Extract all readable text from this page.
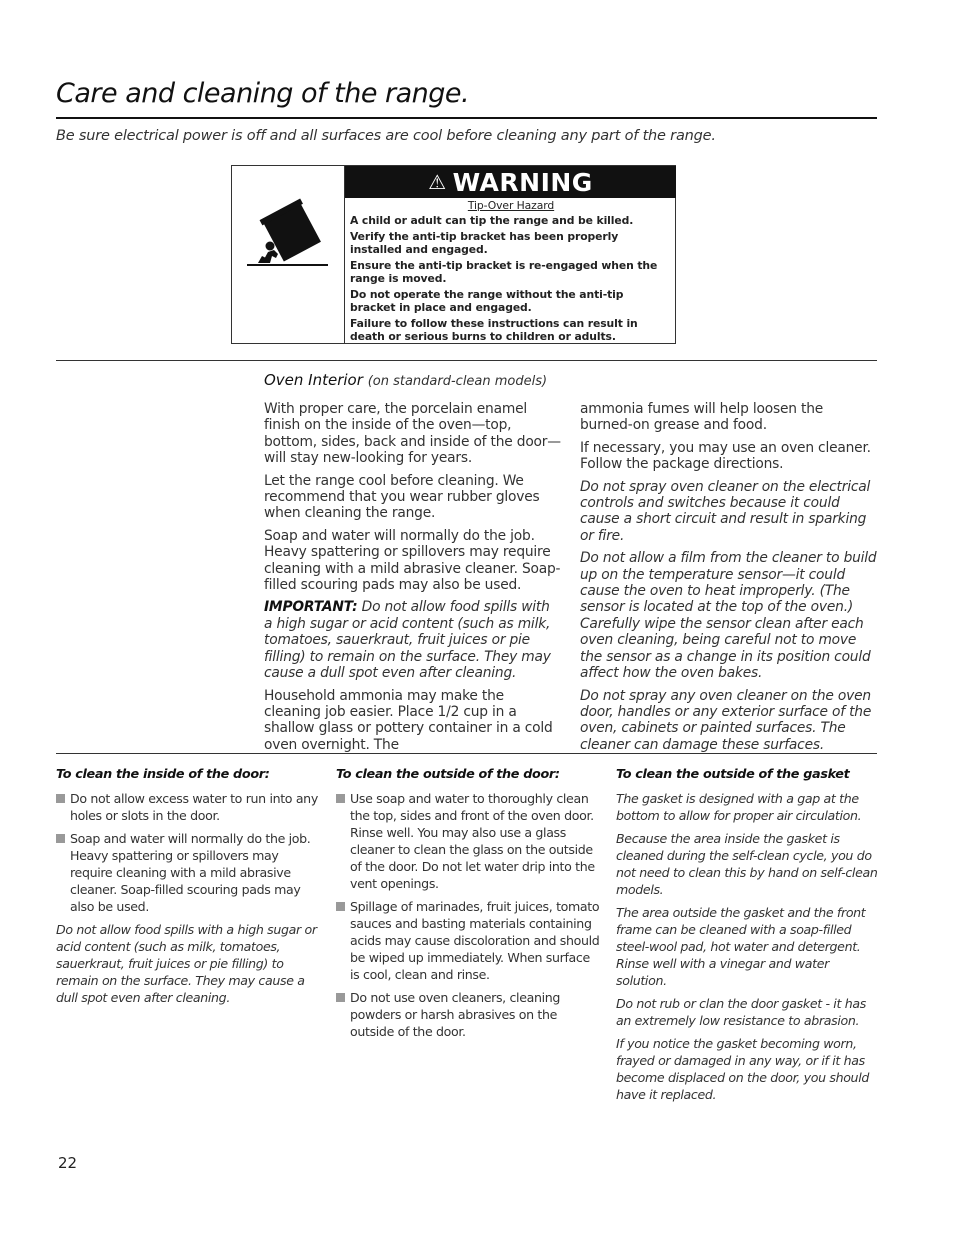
Care and cleaning of the range.
Be sure electrical power is off and all surfaces are cool before cleaning any part of the range.
⚠ WARNING
Tip-Over Hazard

A child or adult can tip the range and be killed.

Verify the anti-tip bracket has been properly installed and engaged.

Ensure the anti-tip bracket is re-engaged when the range is moved.

Do not operate the range without the anti-tip bracket in place and engaged.

Failure to follow these instructions can result in death or serious burns to children or adults.

Oven Interior (on standard-clean models)

With proper care, the porcelain enamel finish on the inside of the oven—top, bottom, sides, back and inside of the door—will stay new-looking for years.

Let the range cool before cleaning. We recommend that you wear rubber gloves when cleaning the range.

Soap and water will normally do the job. Heavy spattering or spillovers may require cleaning with a mild abrasive cleaner. Soap-filled scouring pads may also be used.

IMPORTANT: Do not allow food spills with a high sugar or acid content (such as milk, tomatoes, sauerkraut, fruit juices or pie filling) to remain on the surface. They may cause a dull spot even after cleaning.

Household ammonia may make the cleaning job easier. Place 1/2 cup in a shallow glass or pottery container in a cold oven overnight. The

ammonia fumes will help loosen the burned-on grease and food.

If necessary, you may use an oven cleaner. Follow the package directions.

Do not spray oven cleaner on the electrical controls and switches because it could cause a short circuit and result in sparking or fire.

Do not allow a film from the cleaner to build up on the temperature sensor—it could cause the oven to heat improperly. (The sensor is located at the top of the oven.) Carefully wipe the sensor clean after each oven cleaning, being careful not to move the sensor as a change in its position could affect how the oven bakes.

Do not spray any oven cleaner on the oven door, handles or any exterior surface of the oven, cabinets or painted surfaces. The cleaner can damage these surfaces.

To clean the inside of the door:
Do not allow excess water to run into any holes or slots in the door.
Soap and water will normally do the job. Heavy spattering or spillovers may require cleaning with a mild abrasive cleaner. Soap-filled scouring pads may also be used.

Do not allow food spills with a high sugar or acid content (such as milk, tomatoes, sauerkraut, fruit juices or pie filling) to remain on the surface. They may cause a dull spot even after cleaning.

To clean the outside of the door:
Use soap and water to thoroughly clean the top, sides and front of the oven door. Rinse well. You may also use a glass cleaner to clean the glass on the outside of the door. Do not let water drip into the vent openings.
Spillage of marinades, fruit juices, tomato sauces and basting materials containing acids may cause discoloration and should be wiped up immediately. When surface is cool, clean and rinse.
Do not use oven cleaners, cleaning powders or harsh abrasives on the outside of the door.
To clean the outside of the gasket

The gasket is designed with a gap at the bottom to allow for proper air circulation.

Because the area inside the gasket is cleaned during the self-clean cycle, you do not need to clean this by hand on self-clean models.

The area outside the gasket and the front frame can be cleaned with a soap-filled steel-wool pad, hot water and detergent. Rinse well with a vinegar and water solution.

Do not rub or clan the door gasket - it has an extremely low resistance to abrasion.

If you notice the gasket becoming worn, frayed or damaged in any way, or if it has become displaced on the door, you should have it replaced.

22
